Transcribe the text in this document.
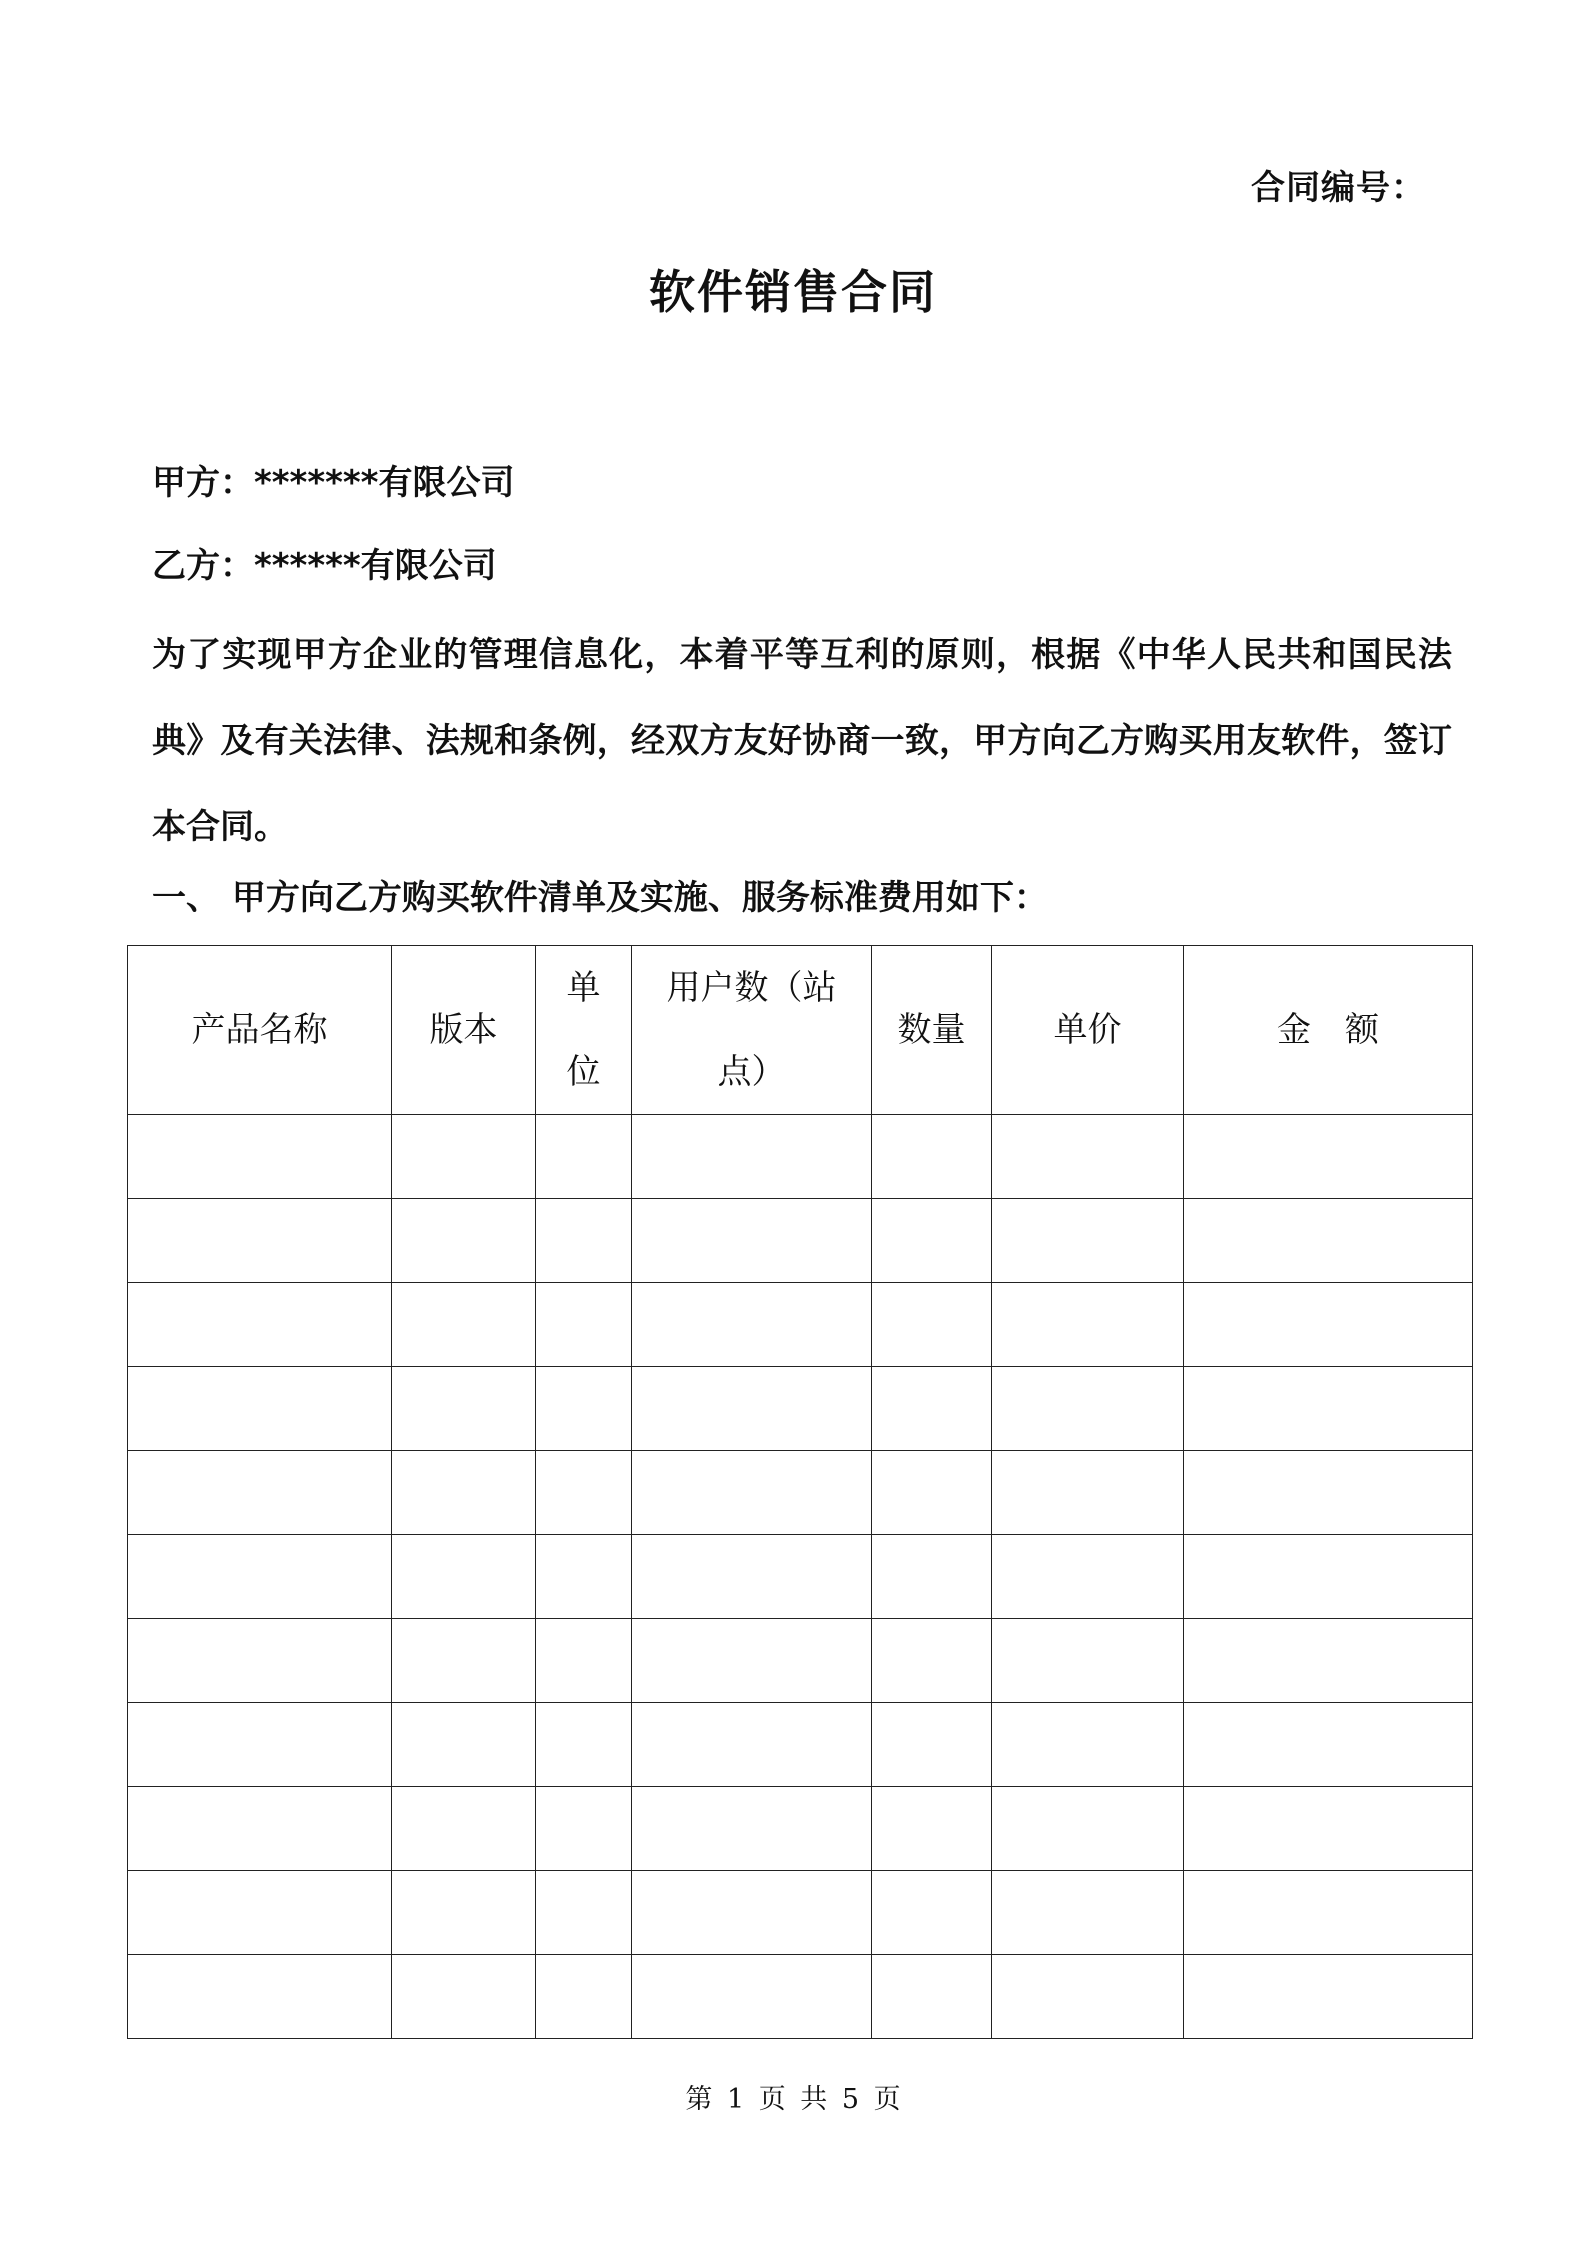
合同编号：
软件销售合同
甲方：*******有限公司
乙方：******有限公司
为了实现甲方企业的管理信息化，本着平等互利的原则，根据《中华人民共和国民法典》及有关法律、法规和条例，经双方友好协商一致，甲方向乙方购买用友软件，签订本合同。
一、 甲方向乙方购买软件清单及实施、服务标准费用如下：
产品名称	版本	单位	用户数（站点）	数量	单价	金　额

第 1 页 共 5 页
